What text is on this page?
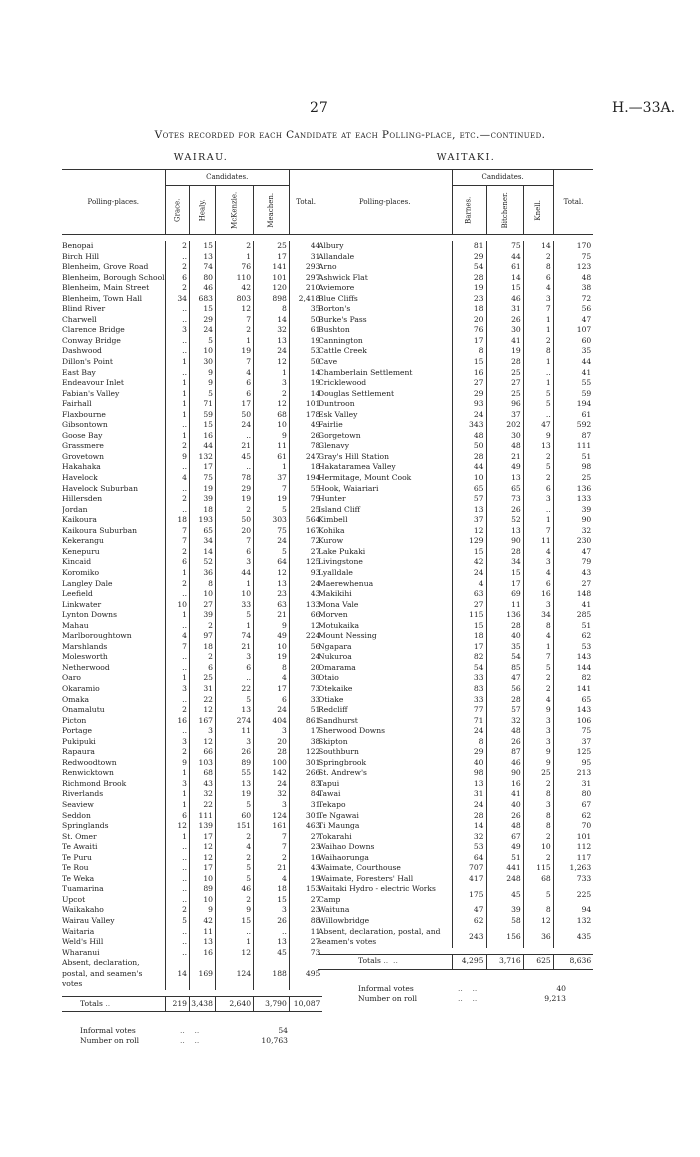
27	H.—33A.
Votes recorded for each Candidate at each Polling-place, etc.—continued.
WAIRAU.
Polling-places.	Candidates.				Total.
	Grace.	Healy.	McKenzie.	Meachen.	

Benopai	2	15	2	25	44
Birch Hill	..	13	1	17	31
Blenheim, Grove Road	2	74	76	141	293
Blenheim, Borough School	6	80	110	101	297
Blenheim, Main Street	2	46	42	120	210
Blenheim, Town Hall	34	683	803	898	2,418
Blind River	..	15	12	8	35
Charwell	..	29	7	14	50
Clarence Bridge	3	24	2	32	61
Conway Bridge	..	5	1	13	19
Dashwood	..	10	19	24	53
Dillon's Point	1	30	7	12	50
East Bay	..	9	4	1	14
Endeavour Inlet	1	9	6	3	19
Fabian's Valley	1	5	6	2	14
Fairhall	1	71	17	12	101
Flaxbourne	1	59	50	68	178
Gibsontown	..	15	24	10	49
Goose Bay	1	16	..	9	26
Grassmere	2	44	21	11	78
Grovetown	9	132	45	61	247
Hakahaka	..	17	..	1	18
Havelock	4	75	78	37	194
Havelock Suburban	..	19	29	7	55
Hillersden	2	39	19	19	79
Jordan	..	18	2	5	25
Kaikoura	18	193	50	303	564
Kaikoura Suburban	7	65	20	75	167
Kekerangu	7	34	7	24	72
Kenepuru	2	14	6	5	27
Kincaid	6	52	3	64	125
Koromiko	1	36	44	12	93
Langley Dale	2	8	1	13	24
Leefield	..	10	10	23	43
Linkwater	10	27	33	63	133
Lynton Downs	1	39	5	21	66
Mahau	..	2	1	9	12
Marlboroughtown	4	97	74	49	224
Marshlands	7	18	21	10	56
Molesworth	..	2	3	19	24
Netherwood	..	6	6	8	20
Oaro	1	25	..	4	30
Okaramio	3	31	22	17	73
Omaka	..	22	5	6	33
Onamalutu	2	12	13	24	51
Picton	16	167	274	404	861
Portage	..	3	11	3	17
Pukipuki	3	12	3	20	38
Rapaura	2	66	26	28	122
Redwoodtown	9	103	89	100	301
Renwicktown	1	68	55	142	266
Richmond Brook	3	43	13	24	83
Riverlands	1	32	19	32	84
Seaview	1	22	5	3	31
Seddon	6	111	60	124	301
Springlands	12	139	151	161	463
St. Omer	1	17	2	7	27
Te Awaiti	..	12	4	7	23
Te Puru	..	12	2	2	16
Te Rou	..	17	5	21	43
Te Weka	..	10	5	4	19
Tuamarina	..	89	46	18	153
Upcot	..	10	2	15	27
Waikakaho	2	9	9	3	23
Wairau Valley	5	42	15	26	88
Waitaria	..	11	..	..	11
Weld's Hill	..	13	1	13	27
Wharanui	..	16	12	45	73
Absent, declaration, postal, and seamen's votes	14	169	124	188	495

Totals ..	219	3,438	2,640	3,790	10,087
Informal votes	..    ..	54
Number on roll	..    ..	10,763
WAITAKI.
Polling-places.	Candidates.			Total.
	Barnes.	Bitchener.	Knell.	

Albury	81	75	14	170
Allandale	29	44	2	75
Arno	54	61	8	123
Ashwick Flat	28	14	6	48
Aviemore	19	15	4	38
Blue Cliffs	23	46	3	72
Borton's	18	31	7	56
Burke's Pass	20	26	1	47
Bushton	76	30	1	107
Cannington	17	41	2	60
Cattle Creek	8	19	8	35
Cave	15	28	1	44
Chamberlain Settlement	16	25	..	41
Cricklewood	27	27	1	55
Douglas Settlement	29	25	5	59
Duntroon	93	96	5	194
Esk Valley	24	37	..	61
Fairlie	343	202	47	592
Gorgetown	48	30	9	87
Glenavy	50	48	13	111
Gray's Hill Station	28	21	2	51
Hakataramea Valley	44	49	5	98
Hermitage, Mount Cook	10	13	2	25
Hook, Waiariari	65	65	6	136
Hunter	57	73	3	133
Island Cliff	13	26	..	39
Kimbell	37	52	1	90
Kohika	12	13	7	32
Kurow	129	90	11	230
Lake Pukaki	15	28	4	47
Livingstone	42	34	3	79
Lyalldale	24	15	4	43
Maerewhenua	4	17	6	27
Makikihi	63	69	16	148
Mona Vale	27	11	3	41
Morven	115	136	34	285
Motukaika	15	28	8	51
Mount Nessing	18	40	4	62
Ngapara	17	35	1	53
Nukuroa	82	54	7	143
Omarama	54	85	5	144
Otaio	33	47	2	82
Otekaike	83	56	2	141
Otiake	33	28	4	65
Redcliff	77	57	9	143
Sandhurst	71	32	3	106
Sherwood Downs	24	48	3	75
Skipton	8	26	3	37
Southburn	29	87	9	125
Springbrook	40	46	9	95
St. Andrew's	98	90	25	213
Tapui	13	16	2	31
Tawai	31	41	8	80
Tekapo	24	40	3	67
Te Ngawai	28	26	8	62
Ti Maunga	14	48	8	70
Tokarahi	32	67	2	101
Waihao Downs	53	49	10	112
Waihaorunga	64	51	2	117
Waimate, Courthouse	707	441	115	1,263
Waimate, Foresters' Hall	417	248	68	733
Waitaki Hydro - electric Works Camp	175	45	5	225
Waituna	47	39	8	94
Willowbridge	62	58	12	132
Absent, declaration, postal, and seamen's votes	243	156	36	435

Totals ..  ..	4,295	3,716	625	8,636
Informal votes	..    ..	40
Number on roll	..    ..	9,213
